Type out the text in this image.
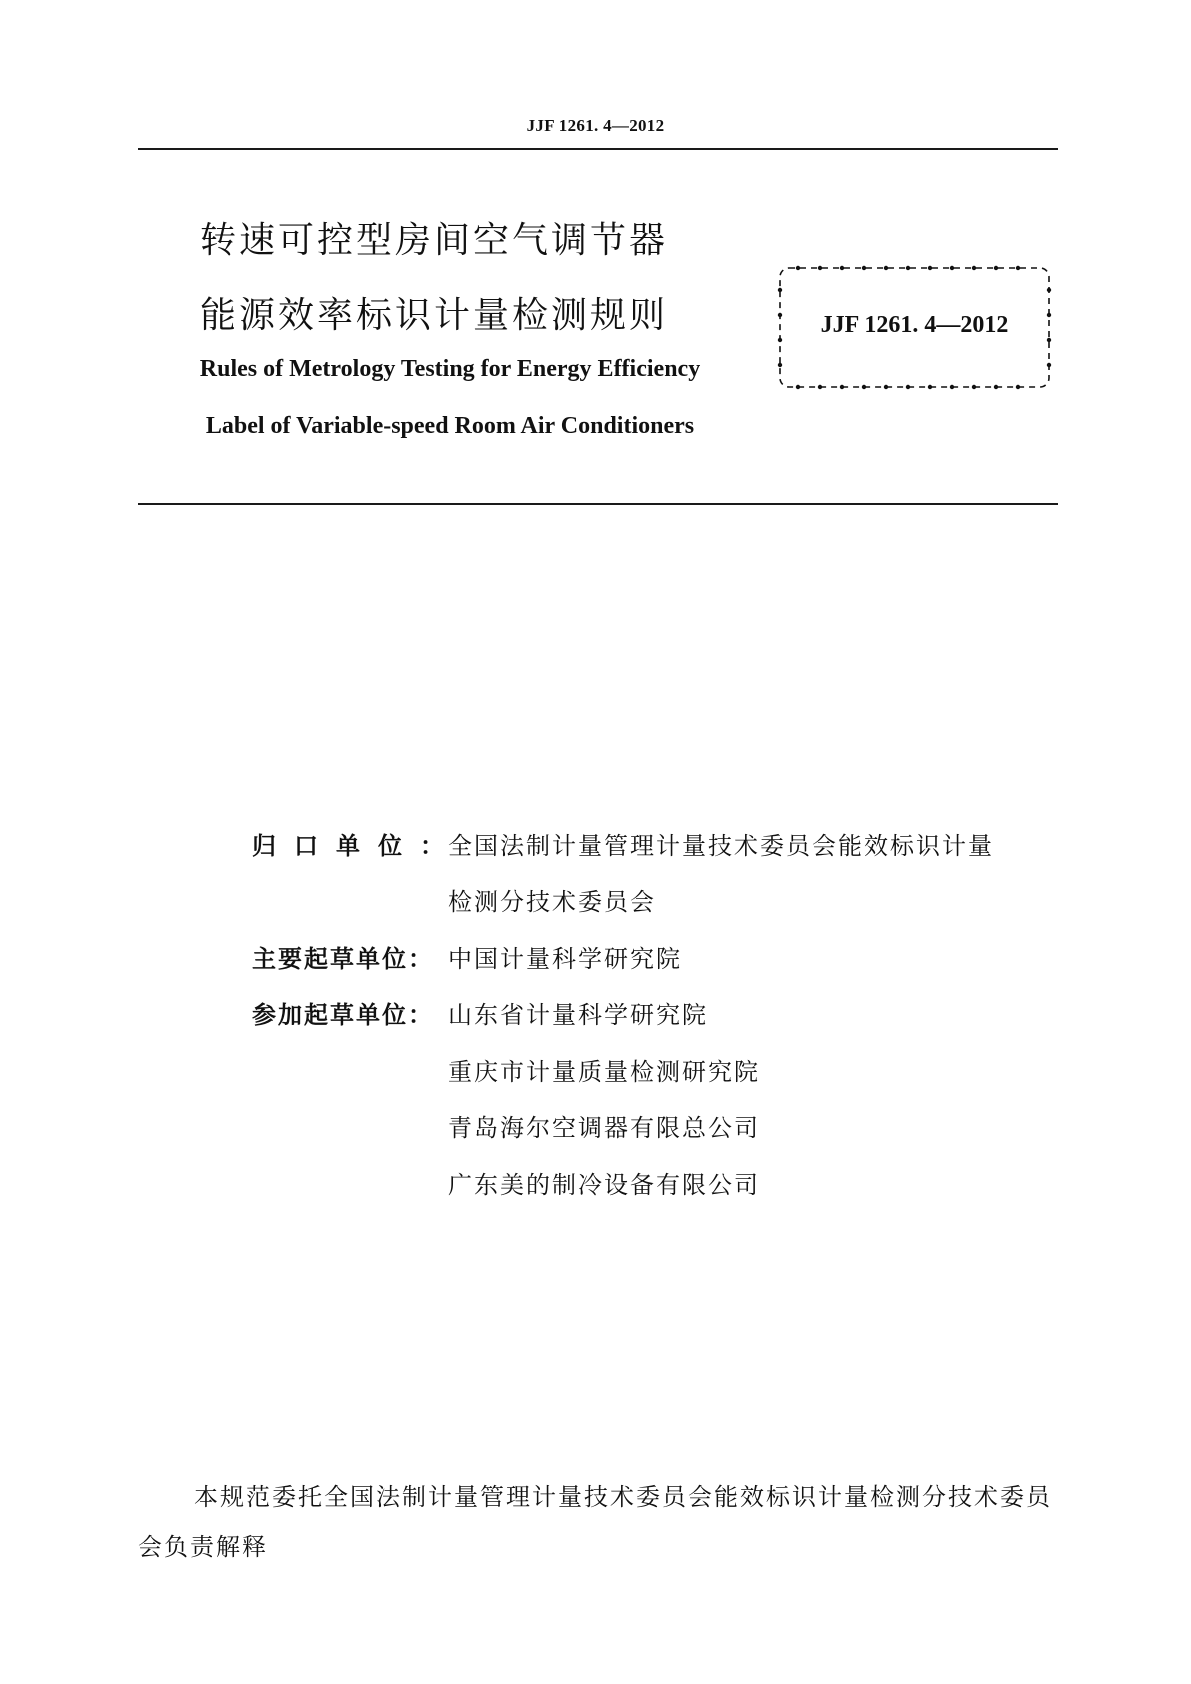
JJF 1261. 4—2012
转速可控型房间空气调节器
能源效率标识计量检测规则
Rules of Metrology Testing for Energy Efficiency
Label of Variable-speed Room Air Conditioners
JJF 1261. 4—2012
归口单位：
全国法制计量管理计量技术委员会能效标识计量
检测分技术委员会
主要起草单位： 中国计量科学研究院
参加起草单位： 山东省计量科学研究院
重庆市计量质量检测研究院
青岛海尔空调器有限总公司
广东美的制冷设备有限公司
本规范委托全国法制计量管理计量技术委员会能效标识计量检测分技术委员会负责解释
